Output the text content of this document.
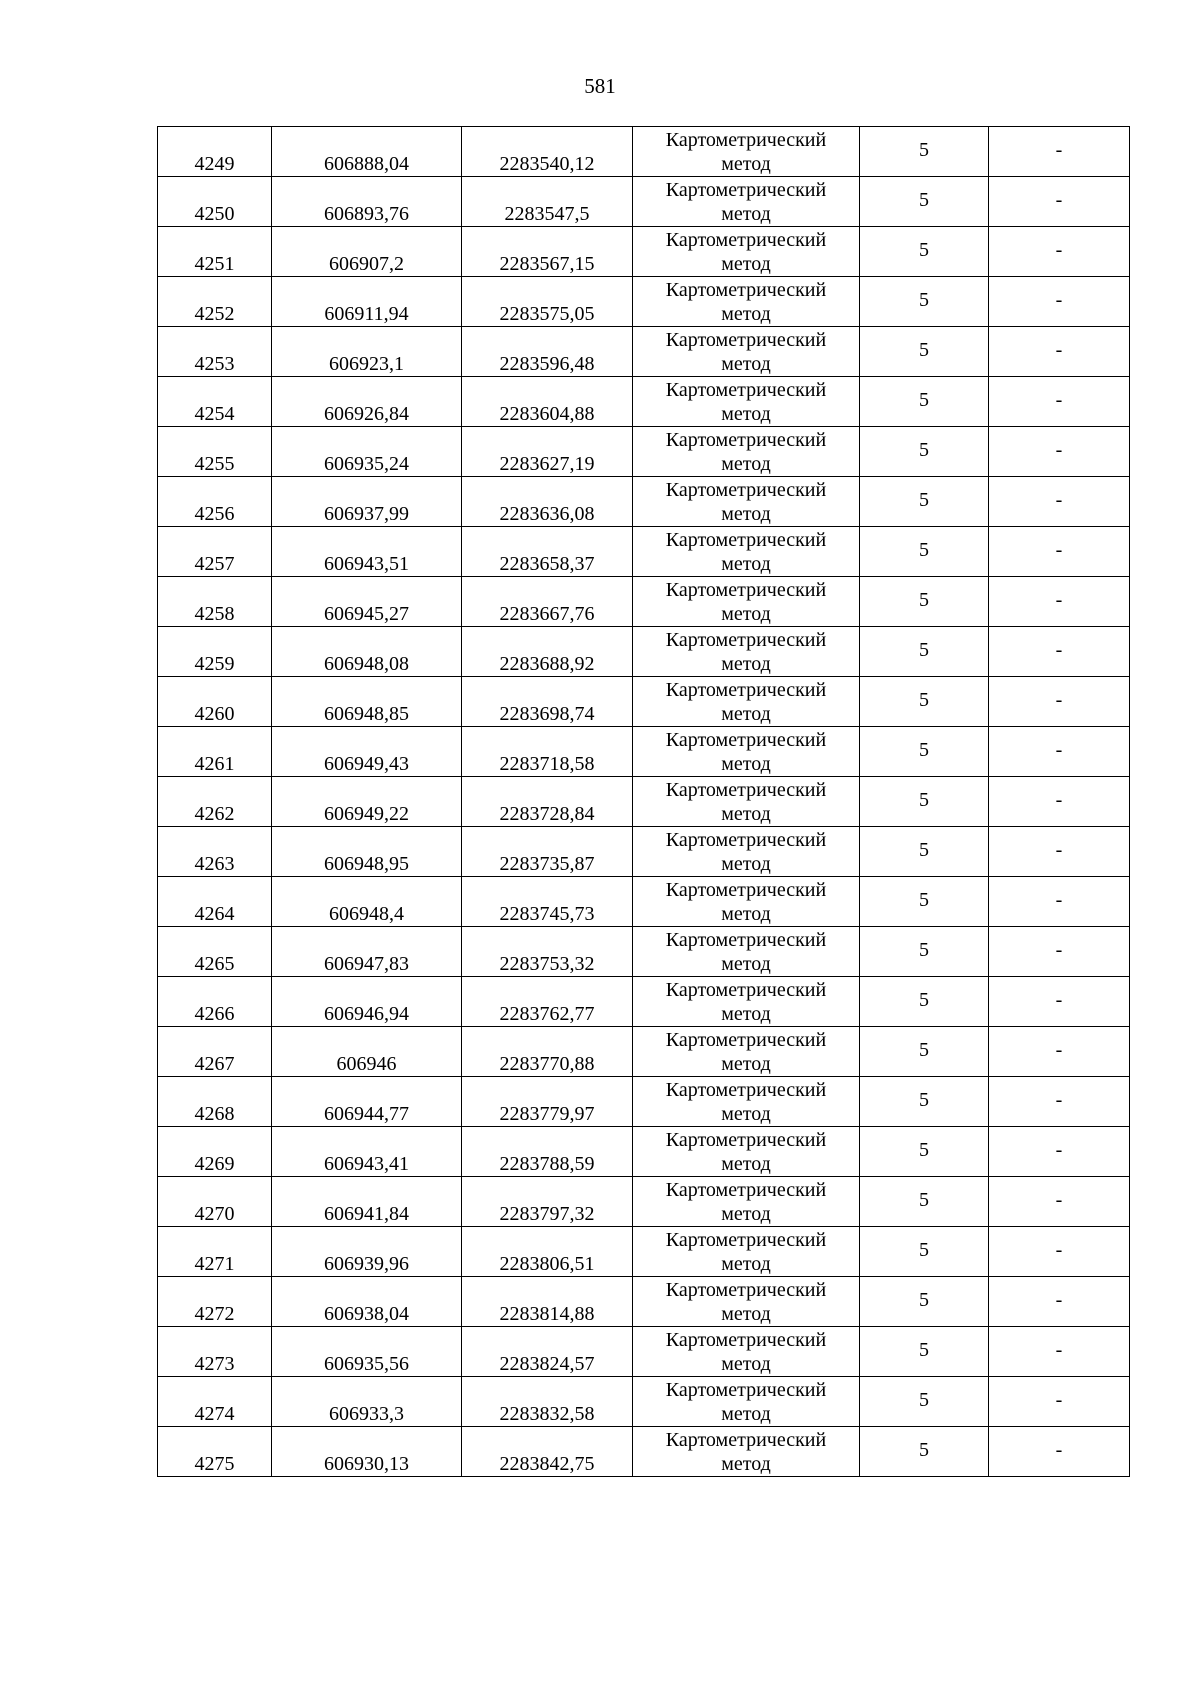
581
4249	606888,04	2283540,12	Картометрический
метод	5	-
4250	606893,76	2283547,5	Картометрический
метод	5	-
4251	606907,2	2283567,15	Картометрический
метод	5	-
4252	606911,94	2283575,05	Картометрический
метод	5	-
4253	606923,1	2283596,48	Картометрический
метод	5	-
4254	606926,84	2283604,88	Картометрический
метод	5	-
4255	606935,24	2283627,19	Картометрический
метод	5	-
4256	606937,99	2283636,08	Картометрический
метод	5	-
4257	606943,51	2283658,37	Картометрический
метод	5	-
4258	606945,27	2283667,76	Картометрический
метод	5	-
4259	606948,08	2283688,92	Картометрический
метод	5	-
4260	606948,85	2283698,74	Картометрический
метод	5	-
4261	606949,43	2283718,58	Картометрический
метод	5	-
4262	606949,22	2283728,84	Картометрический
метод	5	-
4263	606948,95	2283735,87	Картометрический
метод	5	-
4264	606948,4	2283745,73	Картометрический
метод	5	-
4265	606947,83	2283753,32	Картометрический
метод	5	-
4266	606946,94	2283762,77	Картометрический
метод	5	-
4267	606946	2283770,88	Картометрический
метод	5	-
4268	606944,77	2283779,97	Картометрический
метод	5	-
4269	606943,41	2283788,59	Картометрический
метод	5	-
4270	606941,84	2283797,32	Картометрический
метод	5	-
4271	606939,96	2283806,51	Картометрический
метод	5	-
4272	606938,04	2283814,88	Картометрический
метод	5	-
4273	606935,56	2283824,57	Картометрический
метод	5	-
4274	606933,3	2283832,58	Картометрический
метод	5	-
4275	606930,13	2283842,75	Картометрический
метод	5	-
